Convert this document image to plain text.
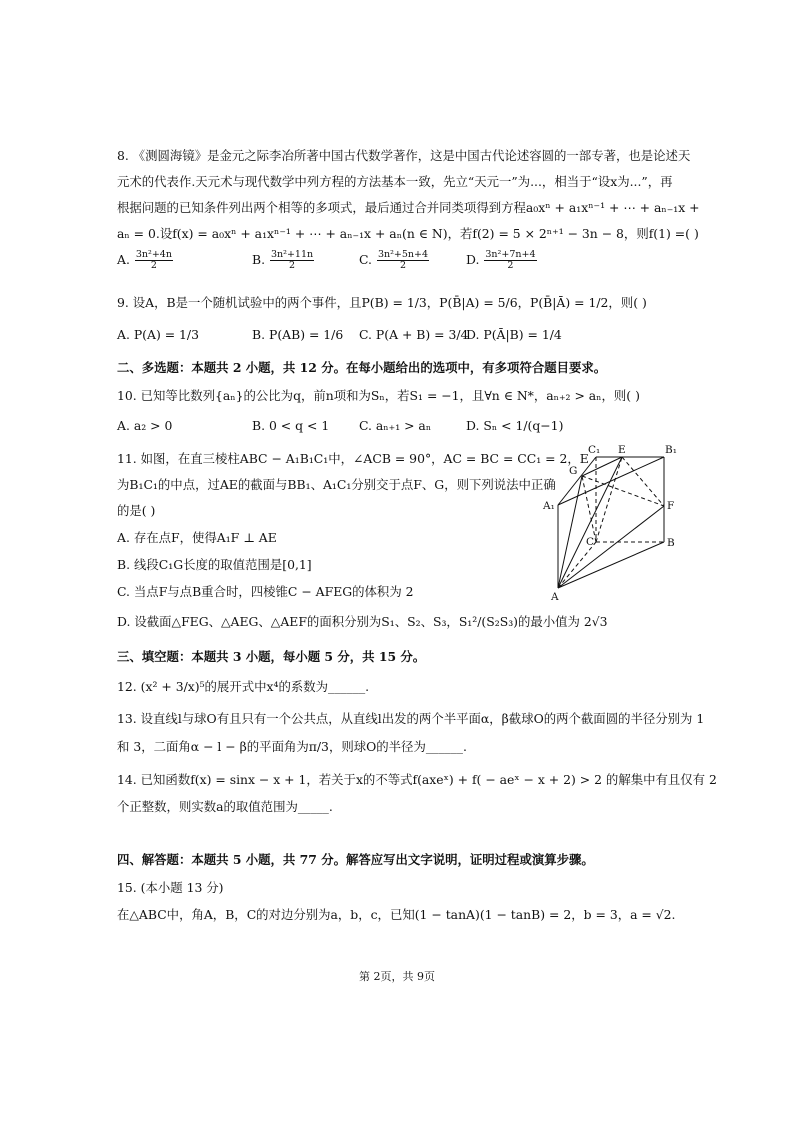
8. 《测圆海镜》是金元之际李冶所著中国古代数学著作，这是中国古代论述容圆的一部专著，也是论述天
元术的代表作.天元术与现代数学中列方程的方法基本一致，先立“天元一”为...，相当于“设x为...”，再
根据问题的已知条件列出两个相等的多项式，最后通过合并同类项得到方程a₀xⁿ + a₁xⁿ⁻¹ + ⋯ + aₙ₋₁x +
aₙ = 0.设f(x) = a₀xⁿ + a₁xⁿ⁻¹ + ⋯ + aₙ₋₁x + aₙ(n ∈ N)，若f(2) = 5 × 2ⁿ⁺¹ − 3n − 8，则f(1) =( )
A. $\frac{\text{3n²+4n}}{2}$	B. $\frac{\text{3n²+11n}}{2}$	C. $\frac{\text{3n²+5n+4}}{2}$	D. $\frac{\text{3n²+7n+4}}{2}$
9. 设A，B是一个随机试验中的两个事件，且P(B) = 1/3，P(B̄|A) = 5/6，P(B̄|Ā) = 1/2，则( )
A. P(A) = 1/3	B. P(AB) = 1/6 C. P(A + B) = 3/4
D. P(Ā|B) = 1/4
二、多选题：本题共 2 小题，共 12 分。在每小题给出的选项中，有多项符合题目要求。
10. 已知等比数列{aₙ}的公比为q，前n项和为Sₙ，若S₁ = −1，且∀n ∈ N*，aₙ₊₂ > aₙ，则( )
A. a₂ > 0	B. 0 < q < 1 C. aₙ₊₁ > aₙ	D. Sₙ < 1/(q−1)
11. 如图，在直三棱柱ABC − A₁B₁C₁中，∠ACB = 90°，AC = BC = CC₁ = 2，E
为B₁C₁的中点，过AE的截面与BB₁、A₁C₁分别交于点F、G，则下列说法中正确
的是( )
A. 存在点F，使得A₁F ⊥ AE
B. 线段C₁G长度的取值范围是[0,1]
C. 当点F与点B重合时，四棱锥C − AFEG的体积为 2
D. 设截面△FEG、△AEG、△AEF的面积分别为S₁、S₂、S₃，S₁²/(S₂S₃)的最小值为 2√3
C₁ E	B₁
G
A₁	F
C	B
A
三、填空题：本题共 3 小题，每小题 5 分，共 15 分。
12. (x² + 3/x)⁵的展开式中x⁴的系数为______.
13. 设直线l与球O有且只有一个公共点，从直线l出发的两个半平面α，β截球O的两个截面圆的半径分别为 1
和 3，二面角α − l − β的平面角为π/3，则球O的半径为______.
14. 已知函数f(x) = sinx − x + 1，若关于x的不等式f(axeˣ) + f( − aeˣ − x + 2) > 2 的解集中有且仅有 2
个正整数，则实数a的取值范围为_____.
四、解答题：本题共 5 小题，共 77 分。解答应写出文字说明，证明过程或演算步骤。
15. (本小题 13 分)
在△ABC中，角A，B，C的对边分别为a，b，c，已知(1 − tanA)(1 − tanB) = 2，b = 3，a = √2.
第 2页，共 9页
